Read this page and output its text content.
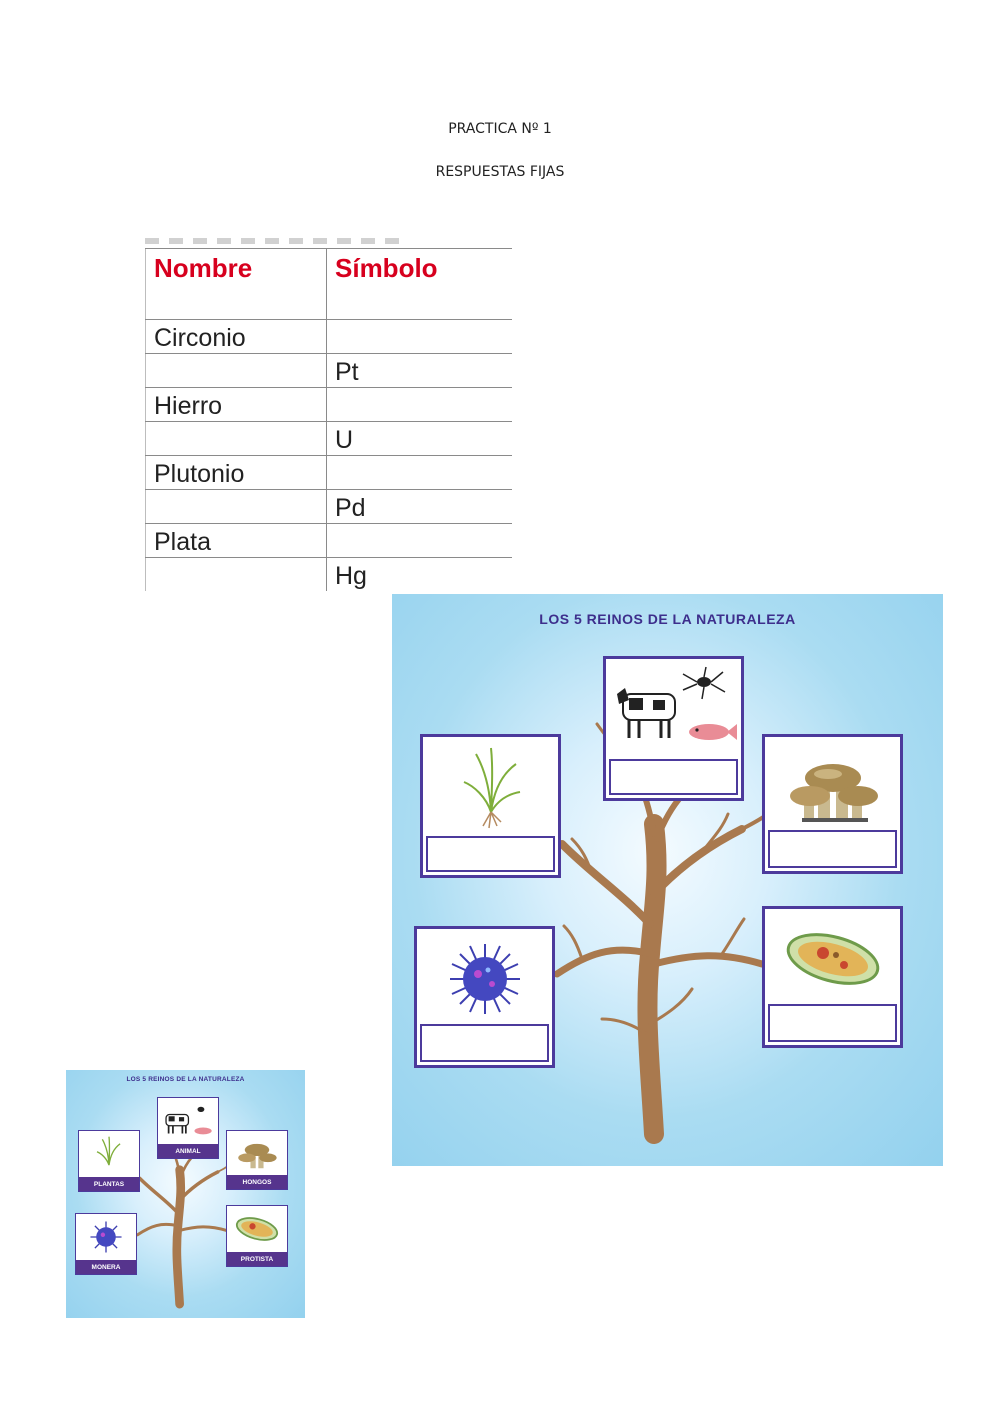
PRACTICA Nº 1
RESPUESTAS FIJAS
Nombre	Símbolo
Circonio	
	Pt
Hierro	
	U
Plutonio	
	Pd
Plata	
	Hg

LOS 5 REINOS DE LA NATURALEZA
LOS 5 REINOS DE LA NATURALEZA
ANIMAL
PLANTAS	HONGOS
MONERA
PROTISTA
